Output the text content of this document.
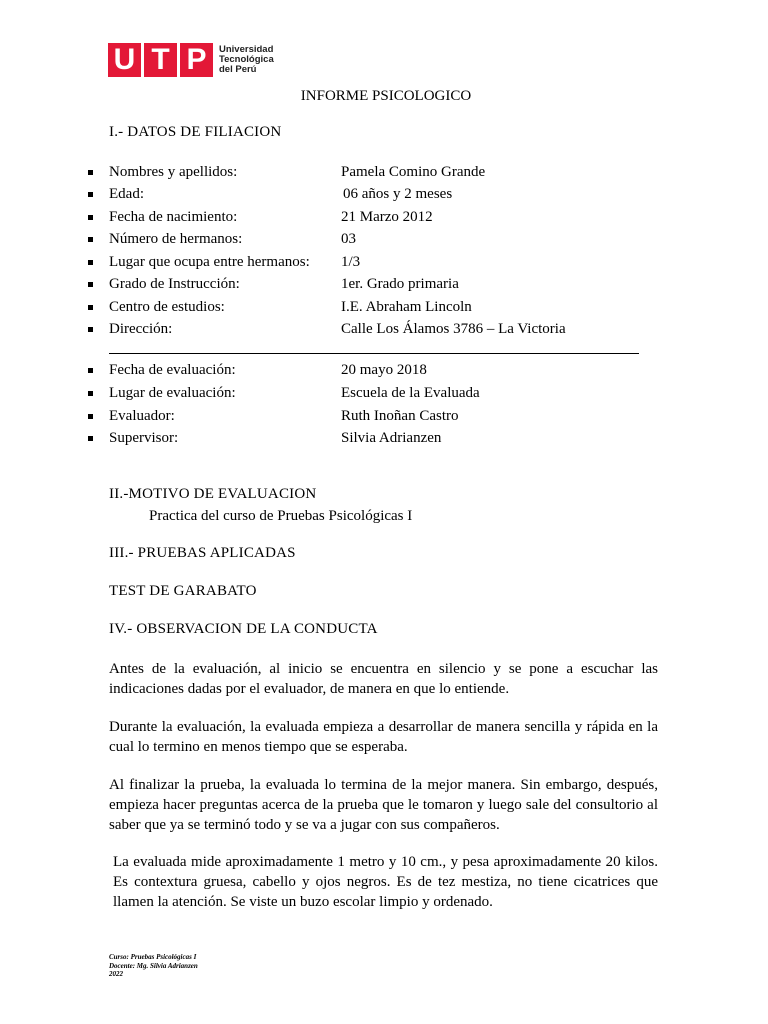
U T P	Universidad
Tecnológica
del Perú
INFORME PSICOLOGICO
I.- DATOS DE FILIACION
Nombres y apellidos:	Pamela Comino Grande
Edad:	06 años y 2 meses
Fecha de nacimiento:	21 Marzo 2012
Número de hermanos:	03
Lugar que ocupa entre hermanos: 1/3
Grado de Instrucción:	1er. Grado primaria
Centro de estudios:	I.E. Abraham Lincoln
Dirección:	Calle Los Álamos 3786 – La Victoria
Fecha de evaluación:	20 mayo 2018
Lugar de evaluación:	Escuela de la Evaluada
Evaluador:	Ruth Inoñan Castro
Supervisor:	Silvia Adrianzen
II.-MOTIVO DE EVALUACION
Practica del curso de Pruebas Psicológicas I
III.- PRUEBAS APLICADAS
TEST DE GARABATO
IV.- OBSERVACION DE LA CONDUCTA

Antes de la evaluación, al inicio se encuentra en silencio y se pone a escuchar las indicaciones dadas por el evaluador, de manera en que lo entiende.

Durante la evaluación, la evaluada empieza a desarrollar de manera sencilla y rápida en la cual lo termino en menos tiempo que se esperaba.

Al finalizar la prueba, la evaluada lo termina de la mejor manera. Sin embargo, después, empieza hacer preguntas acerca de la prueba que le tomaron y luego sale del consultorio al saber que ya se terminó todo y se va a jugar con sus compañeros.

La evaluada mide aproximadamente 1 metro y 10 cm., y pesa aproximadamente 20 kilos. Es contextura gruesa, cabello y ojos negros. Es de tez mestiza, no tiene cicatrices que llamen la atención. Se viste un buzo escolar limpio y ordenado.

Curso: Pruebas Psicológicas I
Docente: Mg. Silvia Adrianzen
2022
